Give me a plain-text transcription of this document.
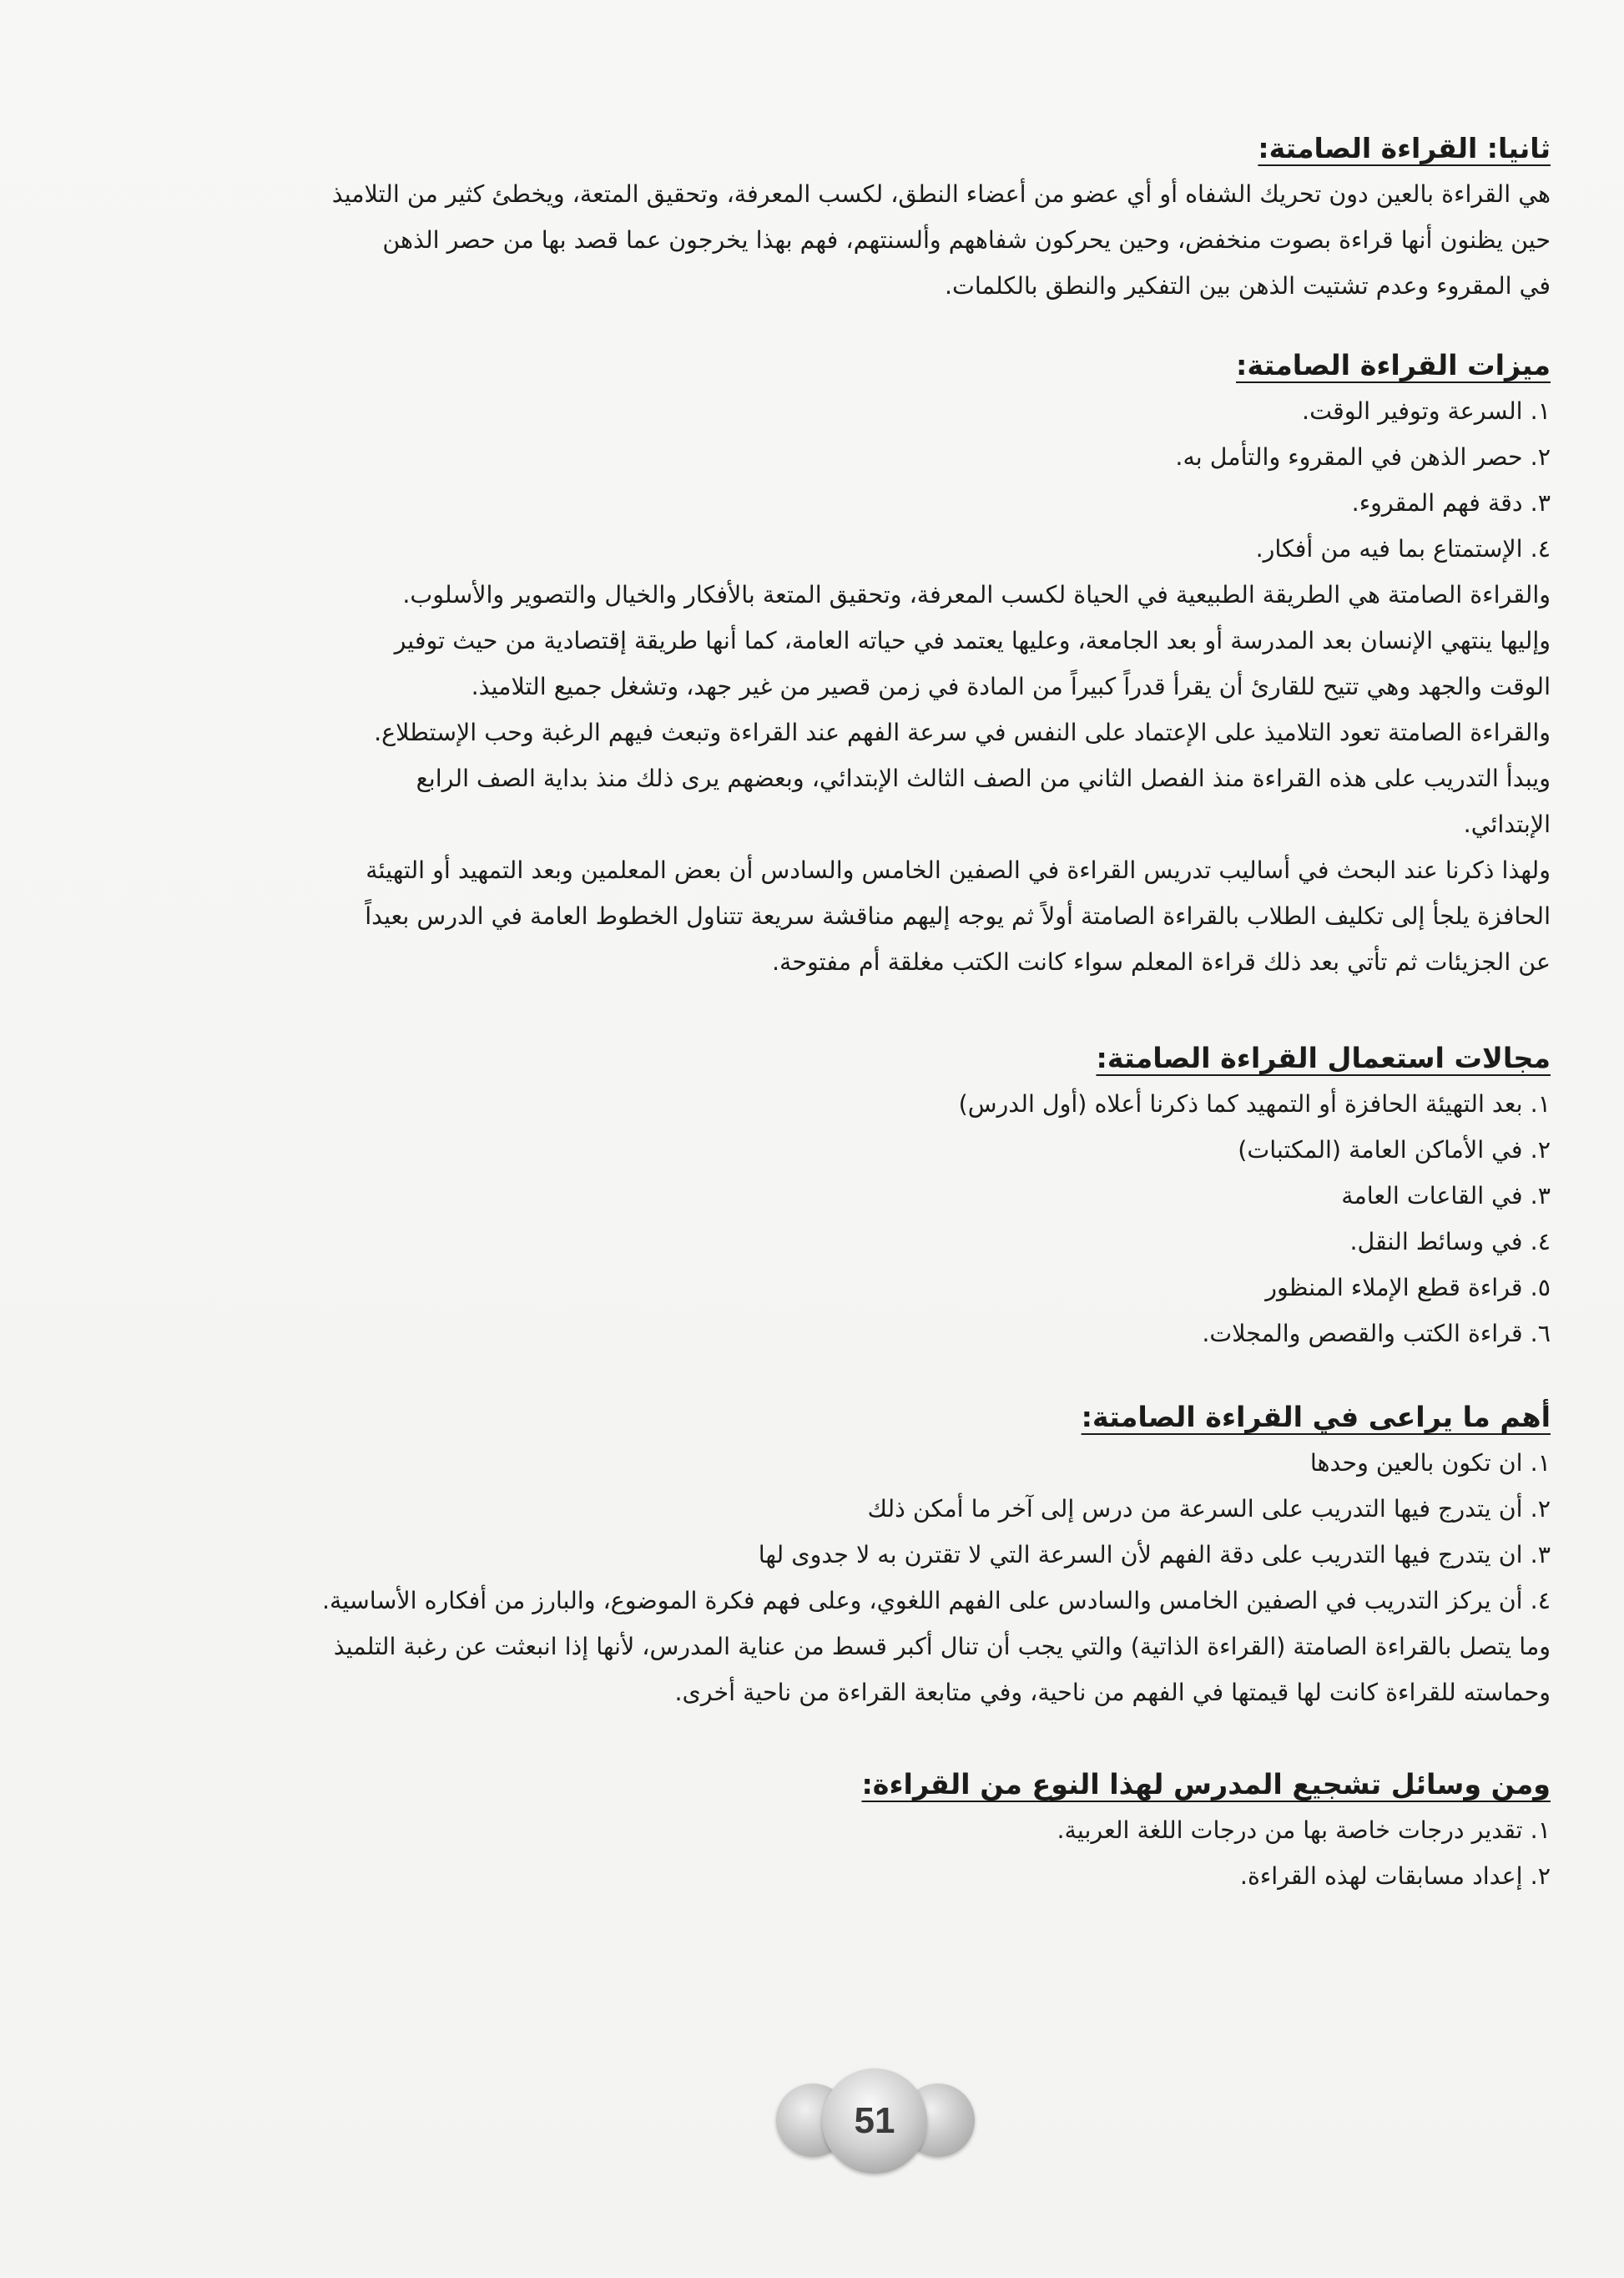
ثانيا: القراءة الصامتة:

هي القراءة بالعين دون تحريك الشفاه أو أي عضو من أعضاء النطق، لكسب المعرفة، وتحقيق المتعة، ويخطئ كثير من التلاميذ

حين يظنون أنها قراءة بصوت منخفض، وحين يحركون شفاههم وألسنتهم، فهم بهذا يخرجون عما قصد بها من حصر الذهن

في المقروء وعدم تشتيت الذهن بين التفكير والنطق بالكلمات.

ميزات القراءة الصامتة:
١. السرعة وتوفير الوقت.
٢. حصر الذهن في المقروء والتأمل به.
٣. دقة فهم المقروء.
٤. الإستمتاع بما فيه من أفكار.

والقراءة الصامتة هي الطريقة الطبيعية في الحياة لكسب المعرفة، وتحقيق المتعة بالأفكار والخيال والتصوير والأسلوب.

وإليها ينتهي الإنسان بعد المدرسة أو بعد الجامعة، وعليها يعتمد في حياته العامة، كما أنها طريقة إقتصادية من حيث توفير

الوقت والجهد وهي تتيح للقارئ أن يقرأ قدراً كبيراً من المادة في زمن قصير من غير جهد، وتشغل جميع التلاميذ.

والقراءة الصامتة تعود التلاميذ على الإعتماد على النفس في سرعة الفهم عند القراءة وتبعث فيهم الرغبة وحب الإستطلاع.

ويبدأ التدريب على هذه القراءة منذ الفصل الثاني من الصف الثالث الإبتدائي، وبعضهم يرى ذلك منذ بداية الصف الرابع

الإبتدائي.

ولهذا ذكرنا عند البحث في أساليب تدريس القراءة في الصفين الخامس والسادس أن بعض المعلمين وبعد التمهيد أو التهيئة

الحافزة يلجأ إلى تكليف الطلاب بالقراءة الصامتة أولاً ثم يوجه إليهم مناقشة سريعة تتناول الخطوط العامة في الدرس بعيداً

عن الجزيئات ثم تأتي بعد ذلك قراءة المعلم سواء كانت الكتب مغلقة أم مفتوحة.

مجالات استعمال القراءة الصامتة:
١. بعد التهيئة الحافزة أو التمهيد كما ذكرنا أعلاه (أول الدرس)
٢. في الأماكن العامة (المكتبات)
٣. في القاعات العامة
٤. في وسائط النقل.
٥. قراءة قطع الإملاء المنظور
٦. قراءة الكتب والقصص والمجلات.
أهم ما يراعى في القراءة الصامتة:
١. ان تكون بالعين وحدها
٢. أن يتدرج فيها التدريب على السرعة من درس إلى آخر ما أمكن ذلك
٣. ان يتدرج فيها التدريب على دقة الفهم لأن السرعة التي لا تقترن به لا جدوى لها
٤. أن يركز التدريب في الصفين الخامس والسادس على الفهم اللغوي، وعلى فهم فكرة الموضوع، والبارز من أفكاره الأساسية.

وما يتصل بالقراءة الصامتة (القراءة الذاتية) والتي يجب أن تنال أكبر قسط من عناية المدرس، لأنها إذا انبعثت عن رغبة التلميذ

وحماسته للقراءة كانت لها قيمتها في الفهم من ناحية، وفي متابعة القراءة من ناحية أخرى.

ومن وسائل تشجيع المدرس لهذا النوع من القراءة:
١. تقدير درجات خاصة بها من درجات اللغة العربية.
٢. إعداد مسابقات لهذه القراءة.
51
